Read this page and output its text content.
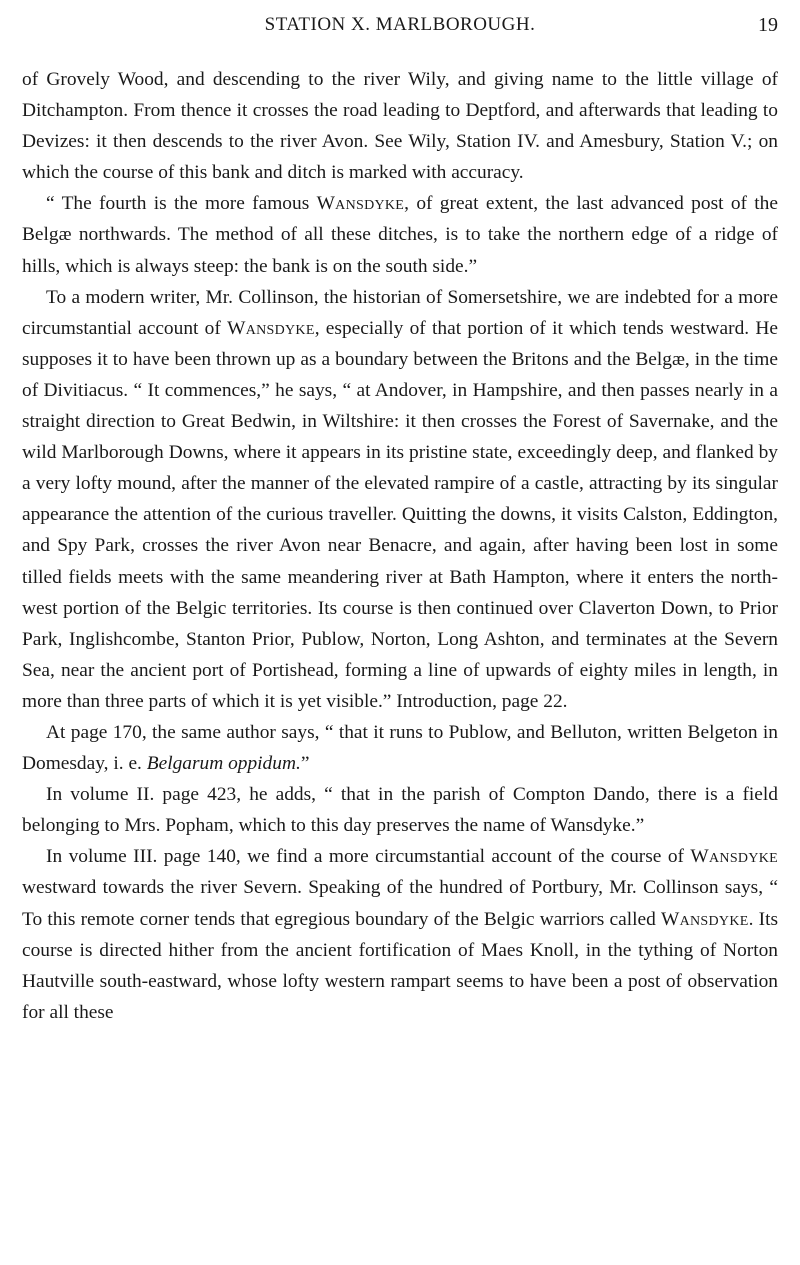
STATION X. MARLBOROUGH.	19

of Grovely Wood, and descending to the river Wily, and giving name to the little village of Ditchampton. From thence it crosses the road leading to Deptford, and afterwards that leading to Devizes: it then descends to the river Avon. See Wily, Station IV. and Amesbury, Station V.; on which the course of this bank and ditch is marked with accuracy.

“ The fourth is the more famous Wansdyke, of great extent, the last advanced post of the Belgæ northwards. The method of all these ditches, is to take the northern edge of a ridge of hills, which is always steep: the bank is on the south side.”

To a modern writer, Mr. Collinson, the historian of Somersetshire, we are indebted for a more circumstantial account of Wansdyke, especially of that portion of it which tends westward. He supposes it to have been thrown up as a boundary between the Britons and the Belgæ, in the time of Divitiacus. “ It commences,” he says, “ at Andover, in Hampshire, and then passes nearly in a straight direction to Great Bedwin, in Wiltshire: it then crosses the Forest of Savernake, and the wild Marlborough Downs, where it appears in its pristine state, exceedingly deep, and flanked by a very lofty mound, after the manner of the elevated rampire of a castle, attracting by its singular appearance the attention of the curious traveller. Quitting the downs, it visits Calston, Eddington, and Spy Park, crosses the river Avon near Benacre, and again, after having been lost in some tilled fields meets with the same meandering river at Bath Hampton, where it enters the north-west portion of the Belgic territories. Its course is then continued over Claverton Down, to Prior Park, Inglishcombe, Stanton Prior, Publow, Norton, Long Ashton, and terminates at the Severn Sea, near the ancient port of Portishead, forming a line of upwards of eighty miles in length, in more than three parts of which it is yet visible.” Introduction, page 22.

At page 170, the same author says, “ that it runs to Publow, and Belluton, written Belgeton in Domesday, i. e. Belgarum oppidum.”

In volume II. page 423, he adds, “ that in the parish of Compton Dando, there is a field belonging to Mrs. Popham, which to this day preserves the name of Wansdyke.”

In volume III. page 140, we find a more circumstantial account of the course of Wansdyke westward towards the river Severn. Speaking of the hundred of Portbury, Mr. Collinson says, “ To this remote corner tends that egregious boundary of the Belgic warriors called Wansdyke. Its course is directed hither from the ancient fortification of Maes Knoll, in the tything of Norton Hautville south-eastward, whose lofty western rampart seems to have been a post of observation for all these
